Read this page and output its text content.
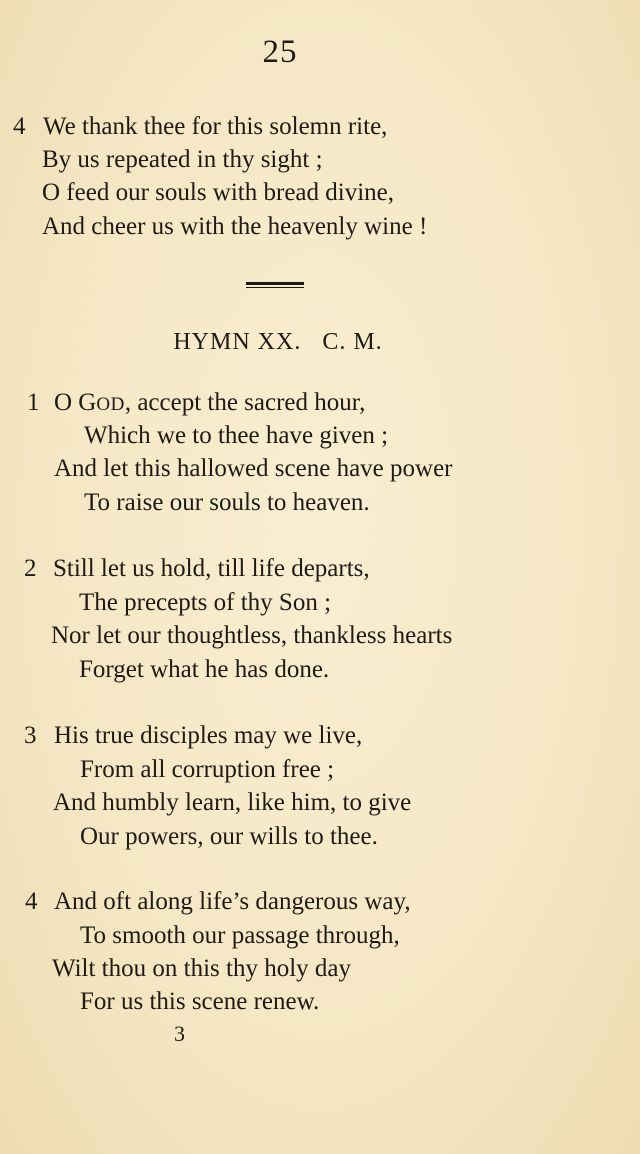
25
4 We thank thee for this solemn rite,
By us repeated in thy sight ;
O feed our souls with bread divine,
And cheer us with the heavenly wine !
HYMN XX. C. M.
1 O GOD, accept the sacred hour,
Which we to thee have given ;
And let this hallowed scene have power
To raise our souls to heaven.
2 Still let us hold, till life departs,
The precepts of thy Son ;
Nor let our thoughtless, thankless hearts
Forget what he has done.
3 His true disciples may we live,
From all corruption free ;
And humbly learn, like him, to give
Our powers, our wills to thee.
4 And oft along life’s dangerous way,
To smooth our passage through,
Wilt thou on this thy holy day
For us this scene renew.
3
